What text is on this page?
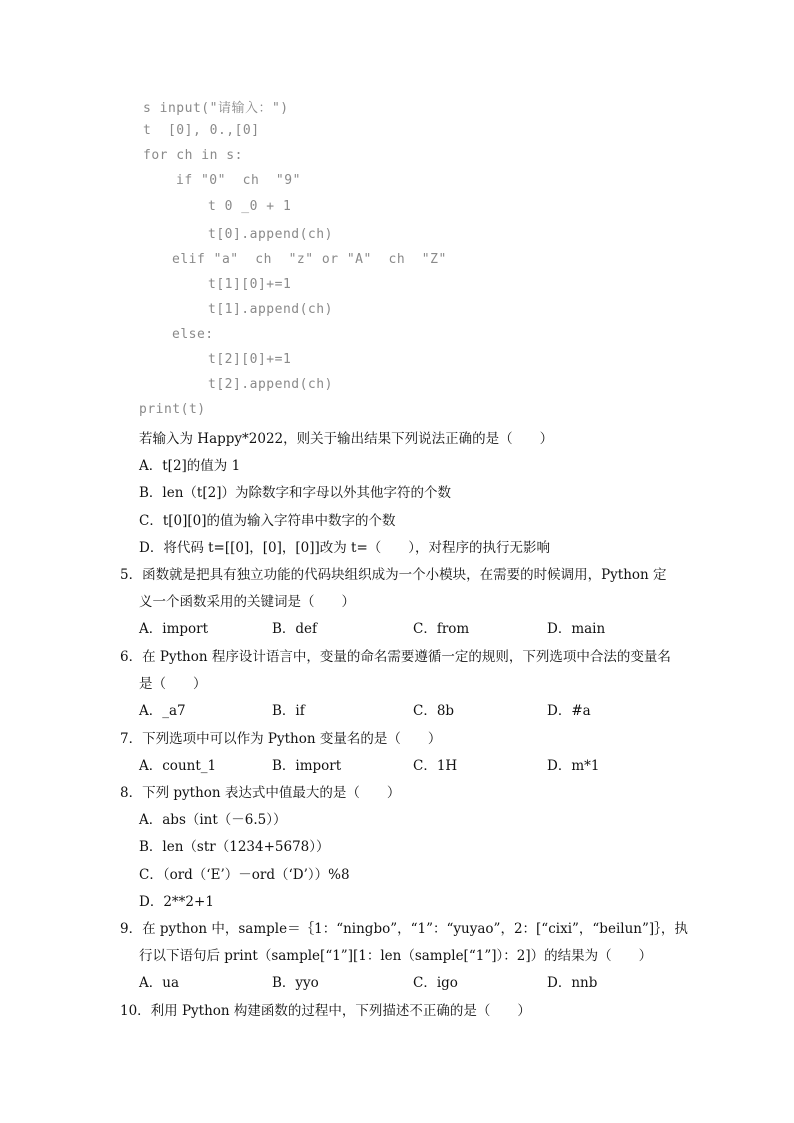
s input("请输入：")
t  [0], 0.,[0]
for ch in s:
if "0"  ch  "9"
t 0 _0 + 1
t[0].append(ch)
elif "a"  ch  "z" or "A"  ch  "Z"
t[1][0]+=1
t[1].append(ch)
else:
t[2][0]+=1
t[2].append(ch)
print(t)
若输入为 Happy*2022，则关于输出结果下列说法正确的是（　　）
A．t[2]的值为 1
B．len（t[2]）为除数字和字母以外其他字符的个数
C．t[0][0]的值为输入字符串中数字的个数
D．将代码 t=[[0]，[0]，[0]]改为 t=（　　），对程序的执行无影响
5．函数就是把具有独立功能的代码块组织成为一个小模块，在需要的时候调用，Python 定
义一个函数采用的关键词是（　　）
A．import	B．def	C．from	D．main
6．在 Python 程序设计语言中，变量的命名需要遵循一定的规则，下列选项中合法的变量名
是（　　）
A．_a7	B．if	C．8b	D．#a
7．下列选项中可以作为 Python 变量名的是（　　）
A．count_1	B．import	C．1H	D．m*1
8．下列 python 表达式中值最大的是（　　）
A．abs（int（－6.5））
B．len（str（1234+5678））
C．（ord（‘E’）－ord（‘D’））%8
D．2**2+1
9．在 python 中，sample＝｛1：“ningbo”，“1”：“yuyao”，2：[“cixi”，“beilun”]｝，执
行以下语句后 print（sample[“1”][1：len（sample[“1”]）：2]）的结果为（　　）
A．ua	B．yyo	C．igo	D．nnb
10．利用 Python 构建函数的过程中，下列描述不正确的是（　　）
